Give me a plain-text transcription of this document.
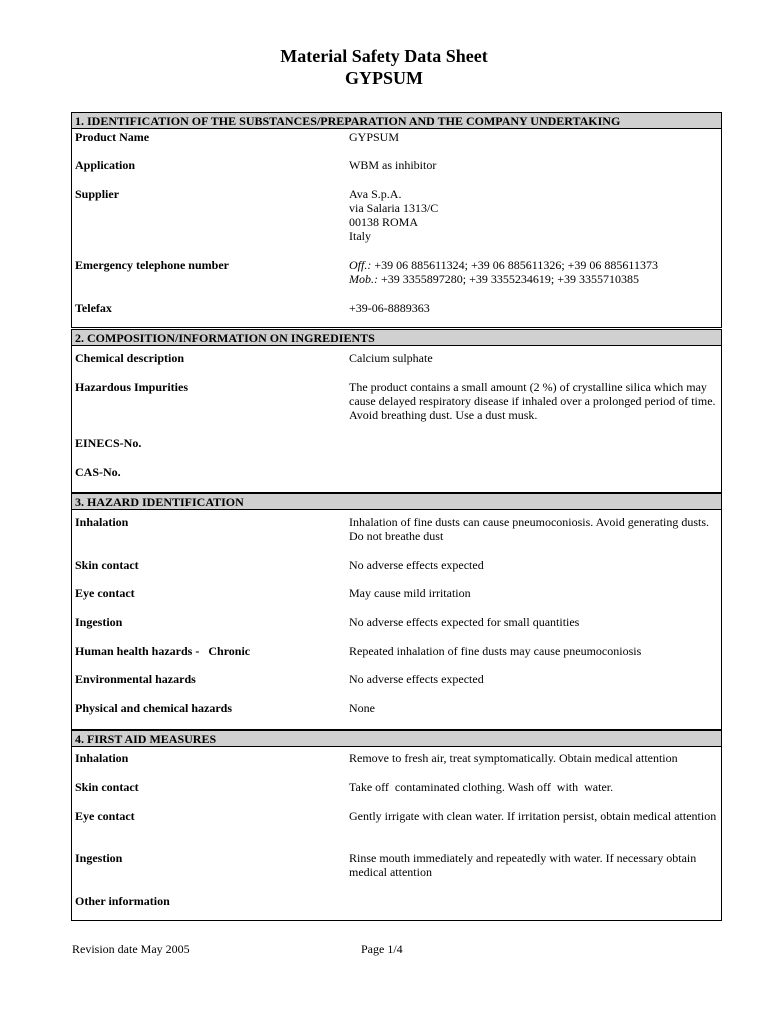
Material Safety Data Sheet
GYPSUM
1. IDENTIFICATION OF THE SUBSTANCES/PREPARATION AND THE COMPANY UNDERTAKING
Product Name	GYPSUM
Application	WBM as inhibitor
Supplier	Ava S.p.A.
via Salaria 1313/C
00138 ROMA
Italy
Emergency telephone number	Off.: +39 06 885611324; +39 06 885611326; +39 06 885611373
Mob.: +39 3355897280; +39 3355234619; +39 3355710385
Telefax	+39-06-8889363
2. COMPOSITION/INFORMATION ON INGREDIENTS
Chemical description	Calcium sulphate
Hazardous Impurities	The product contains a small amount (2 %) of crystalline silica which may cause delayed respiratory disease if inhaled over a prolonged period of time. Avoid breathing dust. Use a dust musk.
EINECS-No.
CAS-No.
3. HAZARD IDENTIFICATION
Inhalation	Inhalation of fine dusts can cause pneumoconiosis. Avoid generating dusts. Do not breathe dust
Skin contact	No adverse effects expected
Eye contact	May cause mild irritation
Ingestion	No adverse effects expected for small quantities
Human health hazards -   Chronic	Repeated inhalation of fine dusts may cause pneumoconiosis
Environmental hazards	No adverse effects expected
Physical and chemical hazards	None
4. FIRST AID MEASURES
Inhalation	Remove to fresh air, treat symptomatically. Obtain medical attention
Skin contact	Take off  contaminated clothing. Wash off  with  water.
Eye contact	Gently irrigate with clean water. If irritation persist, obtain medical attention
Ingestion	Rinse mouth immediately and repeatedly with water. If necessary obtain medical attention
Other information
Revision date May 2005	Page 1/4
